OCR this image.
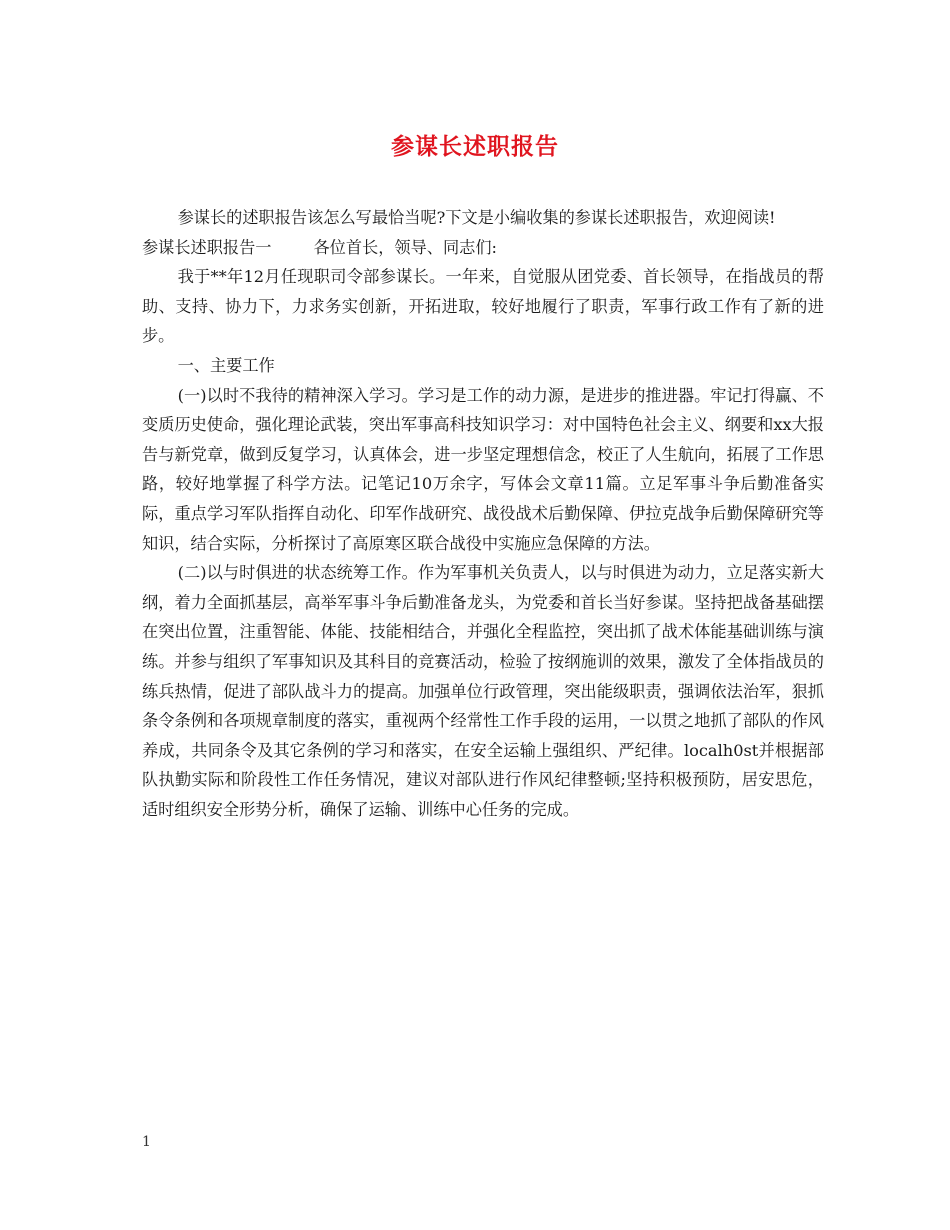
参谋长述职报告

参谋长的述职报告该怎么写最恰当呢?下文是小编收集的参谋长述职报告，欢迎阅读!

参谋长述职报告一	各位首长，领导、同志们:

我于**年12月任现职司令部参谋长。一年来，自觉服从团党委、首长领导，在指战员的帮助、支持、协力下，力求务实创新，开拓进取，较好地履行了职责，军事行政工作有了新的进步。

一、主要工作

(一)以时不我待的精神深入学习。学习是工作的动力源，是进步的推进器。牢记打得赢、不变质历史使命，强化理论武装，突出军事高科技知识学习：对中国特色社会主义、纲要和xx大报告与新党章，做到反复学习，认真体会，进一步坚定理想信念，校正了人生航向，拓展了工作思路，较好地掌握了科学方法。记笔记10万余字，写体会文章11篇。立足军事斗争后勤准备实际，重点学习军队指挥自动化、印军作战研究、战役战术后勤保障、伊拉克战争后勤保障研究等知识，结合实际，分析探讨了高原寒区联合战役中实施应急保障的方法。

(二)以与时俱进的状态统筹工作。作为军事机关负责人，以与时俱进为动力，立足落实新大纲，着力全面抓基层，高举军事斗争后勤准备龙头，为党委和首长当好参谋。坚持把战备基础摆在突出位置，注重智能、体能、技能相结合，并强化全程监控，突出抓了战术体能基础训练与演练。并参与组织了军事知识及其科目的竞赛活动，检验了按纲施训的效果，激发了全体指战员的练兵热情，促进了部队战斗力的提高。加强单位行政管理，突出能级职责，强调依法治军，狠抓条令条例和各项规章制度的落实，重视两个经常性工作手段的运用，一以贯之地抓了部队的作风养成，共同条令及其它条例的学习和落实，在安全运输上强组织、严纪律。localh0st并根据部队执勤实际和阶段性工作任务情况，建议对部队进行作风纪律整顿;坚持积极预防，居安思危，适时组织安全形势分析，确保了运输、训练中心任务的完成。

1
